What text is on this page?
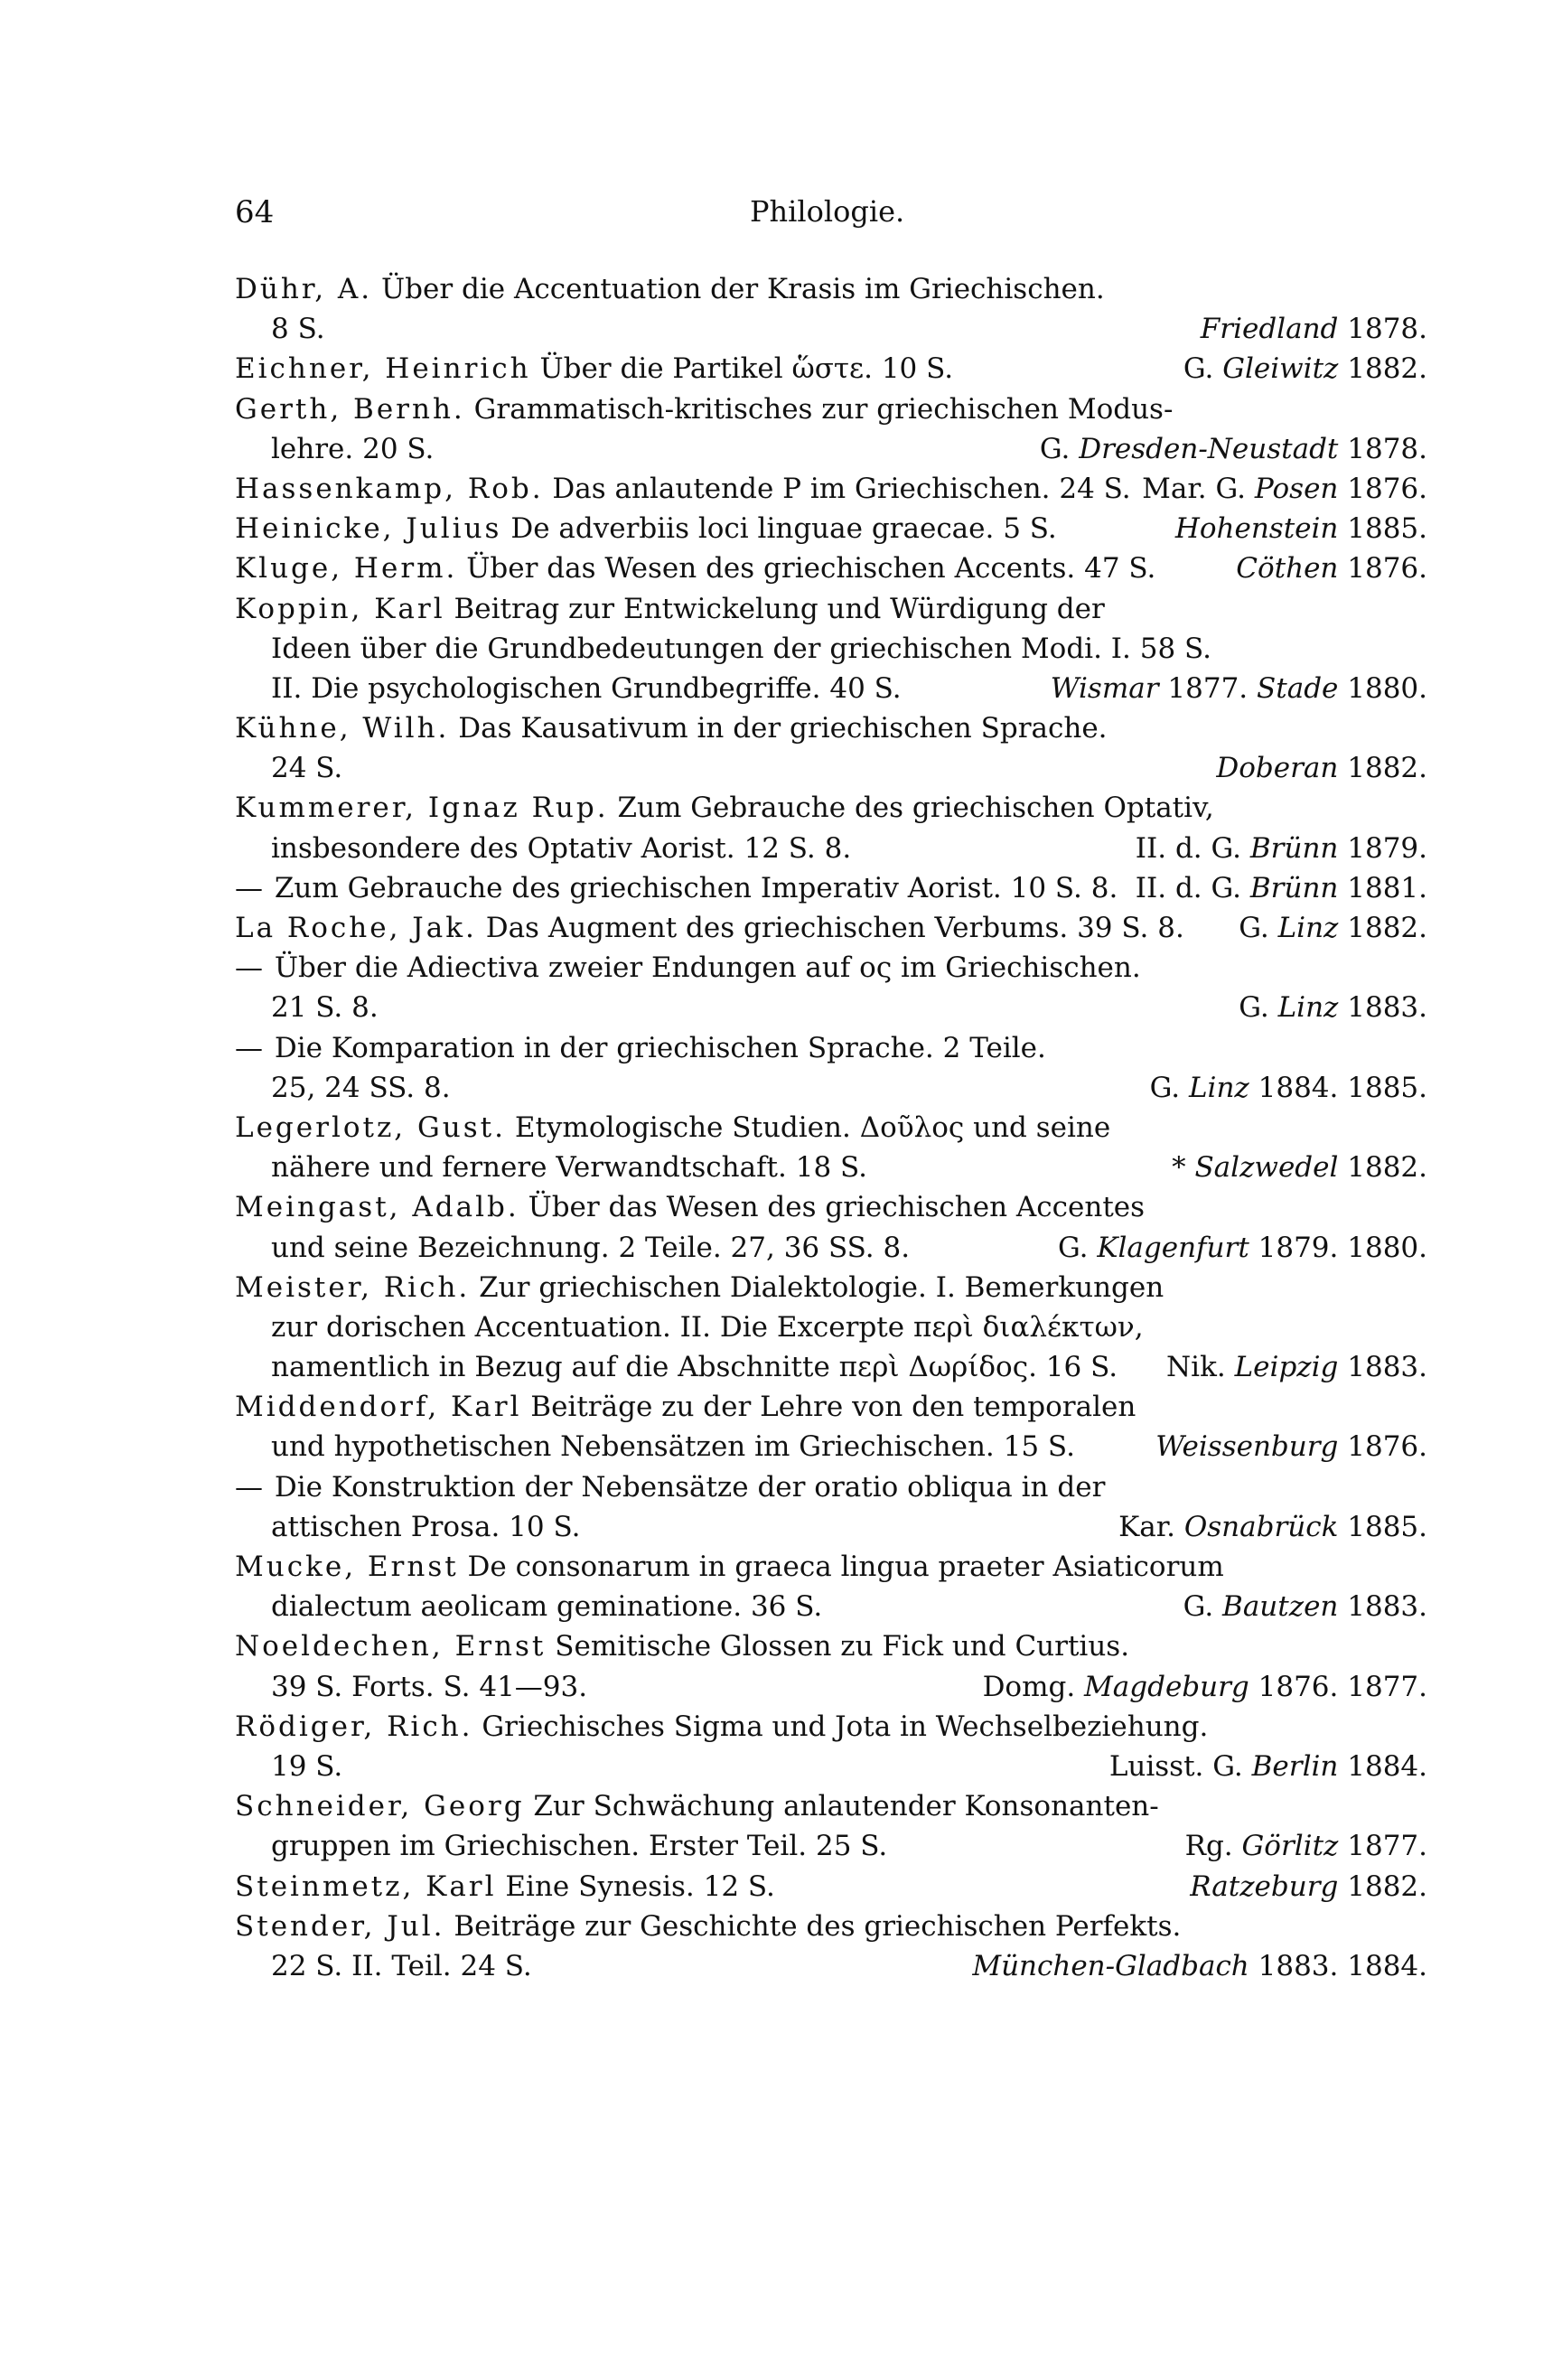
64	Philologie.
Dühr, A. Über die Accentuation der Krasis im Griechischen.
8 S.	Friedland 1878.
Eichner, Heinrich Über die Partikel ὥστε. 10 S.	G. Gleiwitz 1882.
Gerth, Bernh. Grammatisch-kritisches zur griechischen Modus-
lehre. 20 S.	G. Dresden-Neustadt 1878.
Hassenkamp, Rob. Das anlautende P im Griechischen. 24 S. Mar. G. Posen 1876.
Heinicke, Julius De adverbiis loci linguae graecae. 5 S.	Hohenstein 1885.
Kluge, Herm. Über das Wesen des griechischen Accents. 47 S.	Cöthen 1876.
Koppin, Karl Beitrag zur Entwickelung und Würdigung der
Ideen über die Grundbedeutungen der griechischen Modi. I. 58 S.
II. Die psychologischen Grundbegriffe. 40 S.	Wismar 1877. Stade 1880.
Kühne, Wilh. Das Kausativum in der griechischen Sprache.
24 S.	Doberan 1882.
Kummerer, Ignaz Rup. Zum Gebrauche des griechischen Optativ,
insbesondere des Optativ Aorist. 12 S. 8.	II. d. G. Brünn 1879.
— Zum Gebrauche des griechischen Imperativ Aorist. 10 S. 8. II. d. G. Brünn 1881.
La Roche, Jak. Das Augment des griechischen Verbums. 39 S. 8. G. Linz 1882.
— Über die Adiectiva zweier Endungen auf ος im Griechischen.
21 S. 8.	G. Linz 1883.
— Die Komparation in der griechischen Sprache. 2 Teile.
25, 24 SS. 8.	G. Linz 1884. 1885.
Legerlotz, Gust. Etymologische Studien. Δοῦλος und seine
nähere und fernere Verwandtschaft. 18 S.	* Salzwedel 1882.
Meingast, Adalb. Über das Wesen des griechischen Accentes
und seine Bezeichnung. 2 Teile. 27, 36 SS. 8.	G. Klagenfurt 1879. 1880.
Meister, Rich. Zur griechischen Dialektologie. I. Bemerkungen
zur dorischen Accentuation. II. Die Excerpte περὶ διαλέκτων,
namentlich in Bezug auf die Abschnitte περὶ Δωρίδος. 16 S. Nik. Leipzig 1883.
Middendorf, Karl Beiträge zu der Lehre von den temporalen
und hypothetischen Nebensätzen im Griechischen. 15 S.	Weissenburg 1876.
— Die Konstruktion der Nebensätze der oratio obliqua in der
attischen Prosa. 10 S.	Kar. Osnabrück 1885.
Mucke, Ernst De consonarum in graeca lingua praeter Asiaticorum
dialectum aeolicam geminatione. 36 S.	G. Bautzen 1883.
Noeldechen, Ernst Semitische Glossen zu Fick und Curtius.
39 S. Forts. S. 41—93.	Domg. Magdeburg 1876. 1877.
Rödiger, Rich. Griechisches Sigma und Jota in Wechselbeziehung.
19 S.	Luisst. G. Berlin 1884.
Schneider, Georg Zur Schwächung anlautender Konsonanten-
gruppen im Griechischen. Erster Teil. 25 S.	Rg. Görlitz 1877.
Steinmetz, Karl Eine Synesis. 12 S.	Ratzeburg 1882.
Stender, Jul. Beiträge zur Geschichte des griechischen Perfekts.
22 S. II. Teil. 24 S.	München-Gladbach 1883. 1884.
